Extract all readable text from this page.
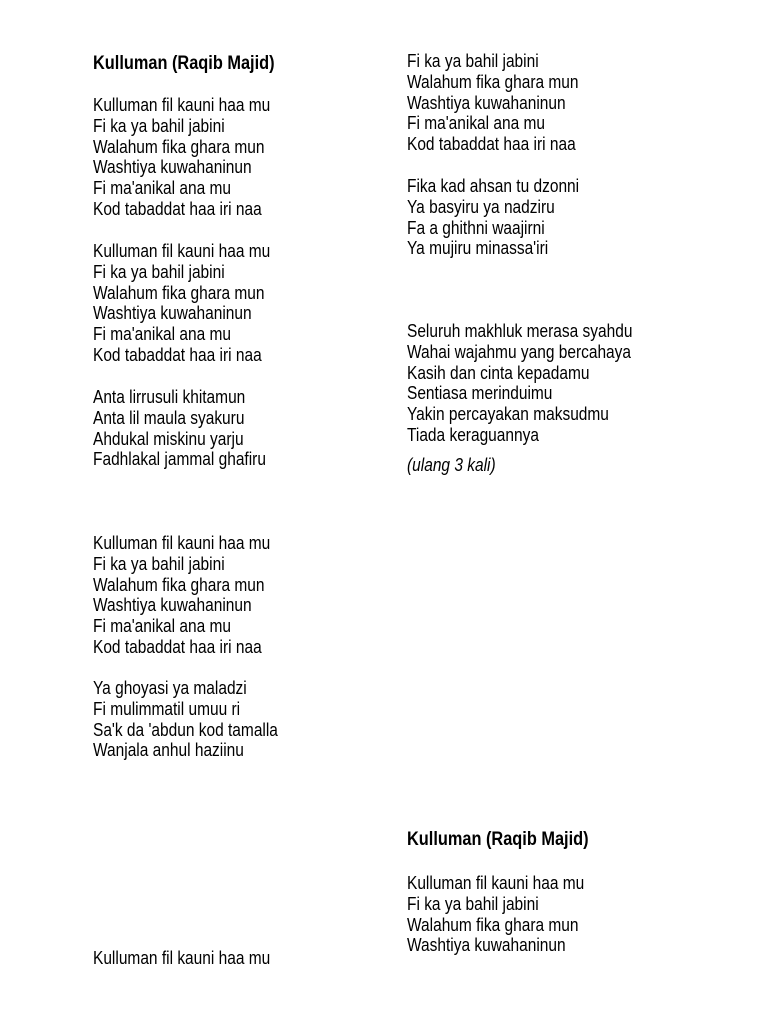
Kulluman (Raqib Majid)
Kulluman fil kauni haa mu
Fi ka ya bahil jabini
Walahum fika ghara mun
Washtiya kuwahaninun
Fi ma'anikal ana mu
Kod tabaddat haa iri naa
Kulluman fil kauni haa mu
Fi ka ya bahil jabini
Walahum fika ghara mun
Washtiya kuwahaninun
Fi ma'anikal ana mu
Kod tabaddat haa iri naa
Anta lirrusuli khitamun
Anta lil maula syakuru
Ahdukal miskinu yarju
Fadhlakal jammal ghafiru
Kulluman fil kauni haa mu
Fi ka ya bahil jabini
Walahum fika ghara mun
Washtiya kuwahaninun
Fi ma'anikal ana mu
Kod tabaddat haa iri naa
Ya ghoyasi ya maladzi
Fi mulimmatil umuu ri
Sa'k da 'abdun kod tamalla
Wanjala anhul haziinu
Kulluman fil kauni haa mu
Fi ka ya bahil jabini
Walahum fika ghara mun
Washtiya kuwahaninun
Fi ma'anikal ana mu
Kod tabaddat haa iri naa
Fika kad ahsan tu dzonni
Ya basyiru ya nadziru
Fa a ghithni waajirni
Ya mujiru minassa'iri
Seluruh makhluk merasa syahdu
Wahai wajahmu yang bercahaya
Kasih dan cinta kepadamu
Sentiasa merinduimu
Yakin percayakan maksudmu
Tiada keraguannya
(ulang 3 kali)
Kulluman (Raqib Majid)
Kulluman fil kauni haa mu
Fi ka ya bahil jabini
Walahum fika ghara mun
Washtiya kuwahaninun
